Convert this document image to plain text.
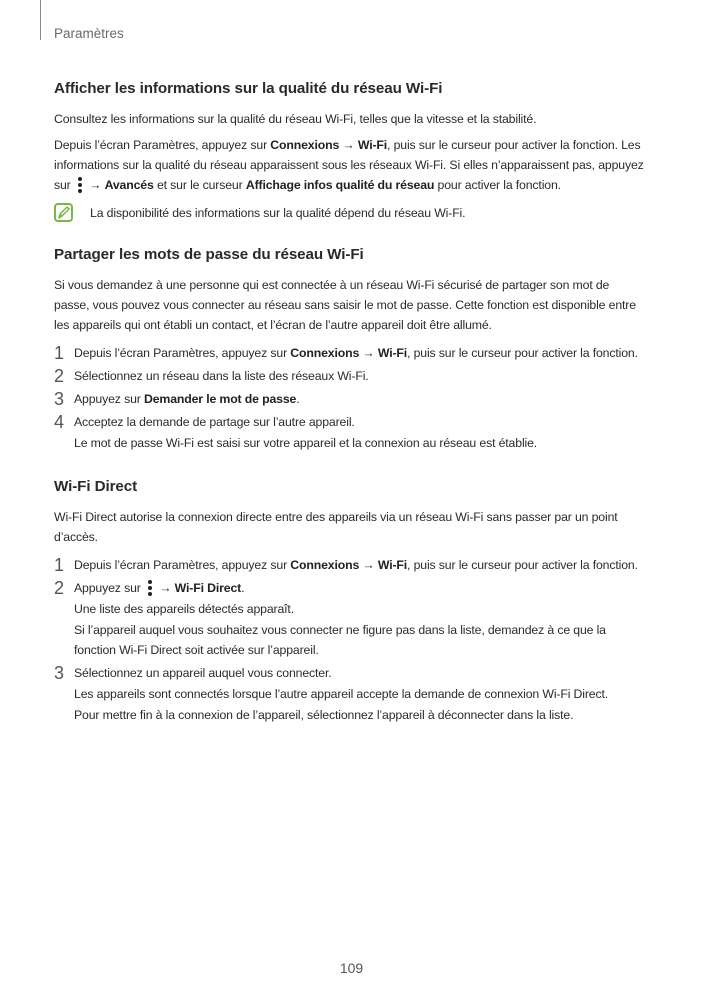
Paramètres
Afficher les informations sur la qualité du réseau Wi-Fi

Consultez les informations sur la qualité du réseau Wi-Fi, telles que la vitesse et la stabilité.

Depuis l’écran Paramètres, appuyez sur Connexions → Wi-Fi, puis sur le curseur pour activer la fonction. Les informations sur la qualité du réseau apparaissent sous les réseaux Wi-Fi. Si elles n’apparaissent pas, appuyez sur
→ Avancés et sur le curseur Affichage infos qualité du réseau pour activer la fonction.

La disponibilité des informations sur la qualité dépend du réseau Wi-Fi.
Partager les mots de passe du réseau Wi-Fi

Si vous demandez à une personne qui est connectée à un réseau Wi-Fi sécurisé de partager son mot de passe, vous pouvez vous connecter au réseau sans saisir le mot de passe. Cette fonction est disponible entre les appareils qui ont établi un contact, et l’écran de l’autre appareil doit être allumé.

1 Depuis l’écran Paramètres, appuyez sur Connexions → Wi-Fi, puis sur le curseur pour activer la fonction.

2 Sélectionnez un réseau dans la liste des réseaux Wi-Fi.

3 Appuyez sur Demander le mot de passe.

4 Acceptez la demande de partage sur l’autre appareil.

Le mot de passe Wi-Fi est saisi sur votre appareil et la connexion au réseau est établie.

Wi-Fi Direct

Wi-Fi Direct autorise la connexion directe entre des appareils via un réseau Wi-Fi sans passer par un point d’accès.

1 Depuis l’écran Paramètres, appuyez sur Connexions → Wi-Fi, puis sur le curseur pour activer la fonction.

2 Appuyez sur
→ Wi-Fi Direct.

Une liste des appareils détectés apparaît.

Si l’appareil auquel vous souhaitez vous connecter ne figure pas dans la liste, demandez à ce que la fonction Wi-Fi Direct soit activée sur l’appareil.

3 Sélectionnez un appareil auquel vous connecter.

Les appareils sont connectés lorsque l’autre appareil accepte la demande de connexion Wi-Fi Direct.

Pour mettre fin à la connexion de l’appareil, sélectionnez l’appareil à déconnecter dans la liste.

109
